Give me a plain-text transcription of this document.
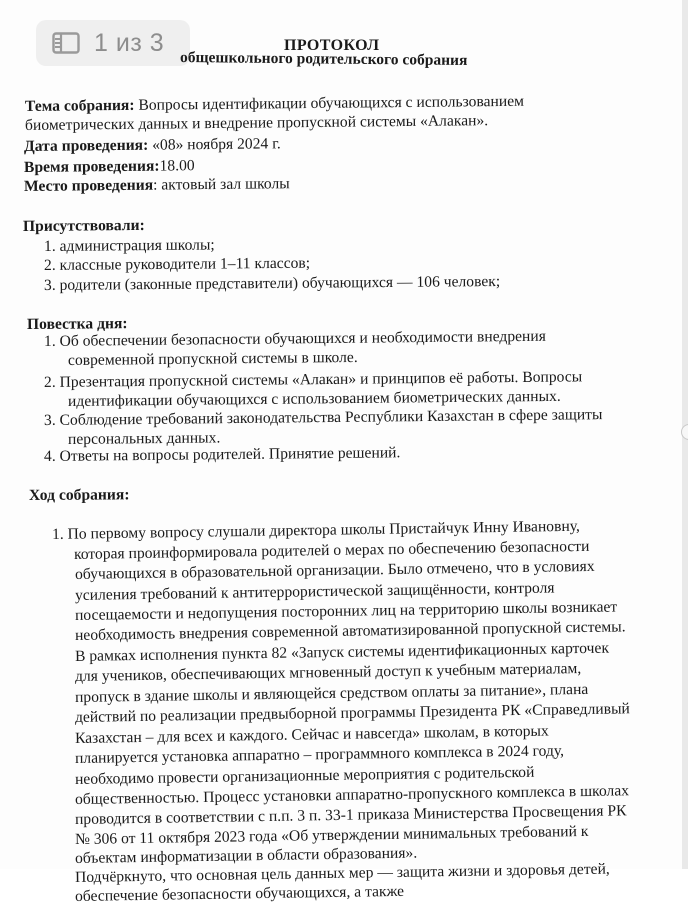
ПРОТОКОЛ
общешкольного родительского собрания
Тема собрания: Вопросы идентификации обучающихся с использованием
биометрических данных и внедрение пропускной системы «Алакан».
Дата проведения: «08» ноября 2024 г.
Время проведения:18.00
Место проведения: актовый зал школы
Присутствовали:
1. администрация школы;
2. классные руководители 1–11 классов;
3. родители (законные представители) обучающихся — 106 человек;
Повестка дня:
1. Об обеспечении безопасности обучающихся и необходимости внедрения
современной пропускной системы в школе.
2. Презентация пропускной системы «Алакан» и принципов её работы. Вопросы
идентификации обучающихся с использованием биометрических данных.
3. Соблюдение требований законодательства Республики Казахстан в сфере защиты
персональных данных.
4. Ответы на вопросы родителей. Принятие решений.
Ход собрания:
1. По первому вопросу слушали директора школы Пристайчук Инну Ивановну,
которая проинформировала родителей о мерах по обеспечению безопасности
обучающихся в образовательной организации. Было отмечено, что в условиях
усиления требований к антитеррористической защищённости, контроля
посещаемости и недопущения посторонних лиц на территорию школы возникает
необходимость внедрения современной автоматизированной пропускной системы.
В рамках исполнения пункта 82 «Запуск системы идентификационных карточек
для учеников, обеспечивающих мгновенный доступ к учебным материалам,
пропуск в здание школы и являющейся средством оплаты за питание», плана
действий по реализации предвыборной программы Президента РК «Справедливый
Казахстан – для всех и каждого. Сейчас и навсегда» школам, в которых
планируется установка аппаратно – программного комплекса в 2024 году,
необходимо провести организационные мероприятия с родительской
общественностью. Процесс установки аппаратно-пропускного комплекса в школах
проводится в соответствии с п.п. 3 п. 33-1 приказа Министерства Просвещения РК
№ 306 от 11 октября 2023 года «Об утверждении минимальных требований к
объектам информатизации в области образования».
Подчёркнуто, что основная цель данных мер — защита жизни и здоровья детей,
обеспечение безопасности обучающихся, а также
1 из 3
